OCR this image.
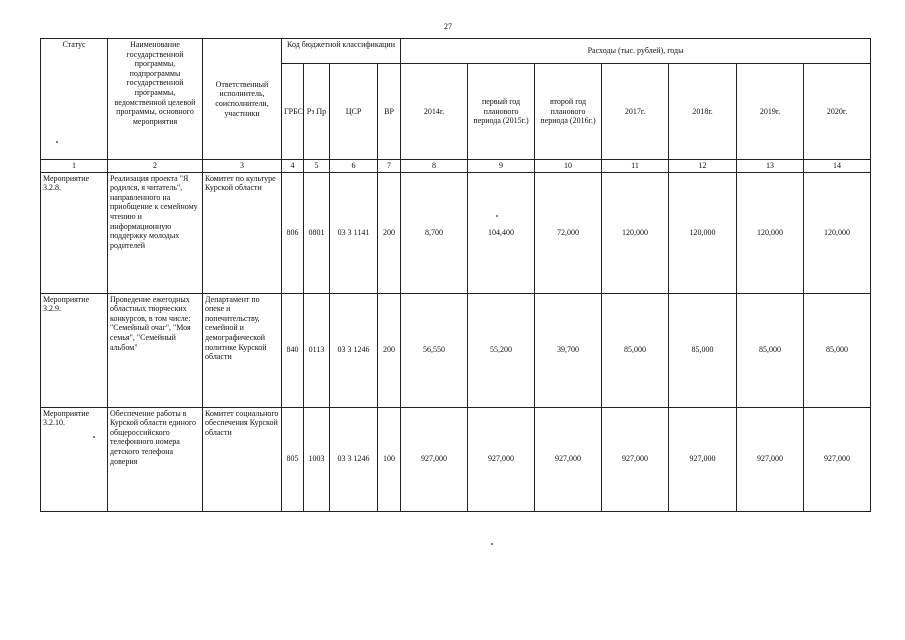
27
Статус	Наименование государственной программы, подпрограммы государственной программы, ведомственной целевой программы, основного мероприятия	Ответственный исполнитель, соисполнители, участники	Код бюджетной классификации				Расходы (тыс. рублей), годы						
			ГРБС	Рз Пр	ЦСР	ВР	2014г.	первый год планового периода (2015г.)	второй год планового периода (2016г.)	2017г.	2018г.	2019г.	2020г.
1	2	3	4	5	6	7	8	9	10	11	12	13	14
Мероприятие 3.2.8.	Реализация проекта "Я родился, я читатель", направленного на приобщение к семейному чтению и информационную поддержку молодых родителей	Комитет по культуре Курской области	806	0801	03 3 1141	200	8,700	104,400	72,000	120,000	120,000	120,000	120,000
Мероприятие 3.2.9.	Проведение ежегодных областных творческих конкурсов, в том числе: "Семейный очаг", "Моя семья", "Семейный альбом"	Департамент по опеке и попечительству, семейной и демографической политике Курской области	840	0113	03 3 1246	200	56,550	55,200	39,700	85,000	85,000	85,000	85,000
Мероприятие 3.2.10.	Обеспечение работы в Курской области единого общероссийского телефонного номера детского телефона доверия	Комитет социального обеспечения Курской области	805	1003	03 3 1246	100	927,000	927,000	927,000	927,000	927,000	927,000	927,000
